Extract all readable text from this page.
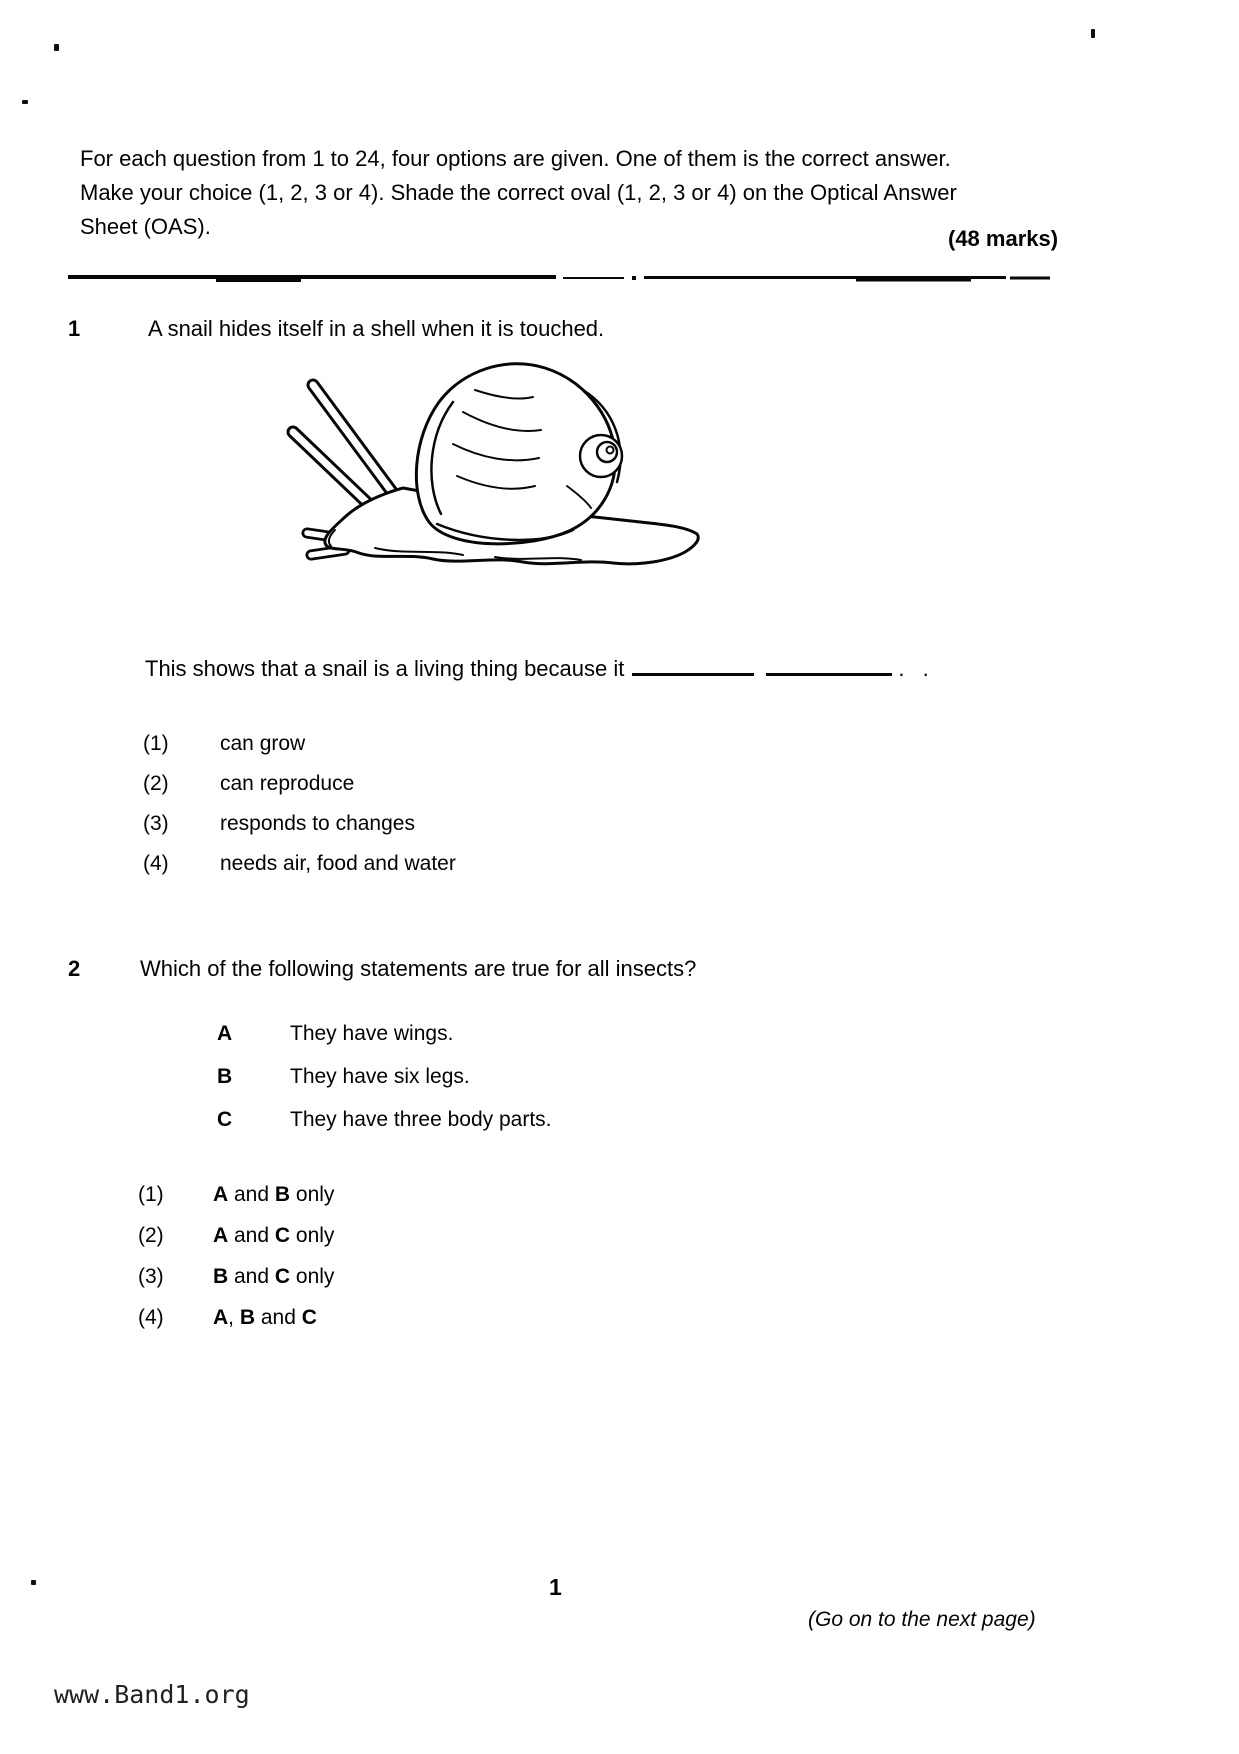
For each question from 1 to 24, four options are given. One of them is the correct answer.
Make your choice (1, 2, 3 or 4). Shade the correct oval (1, 2, 3 or 4) on the Optical Answer
Sheet (OAS).	(48 marks)
1	A snail hides itself in a shell when it is touched.
This shows that a snail is a living thing because it	. .
(1) can grow
(2) can reproduce
(3) responds to changes
(4) needs air, food and water
2	Which of the following statements are true for all insects?
A	They have wings.
B	They have six legs.
C	They have three body parts.
(1) A and B only
(2) A and C only
(3) B and C only
(4) A, B and C
1
(Go on to the next page)
www.Band1.org
